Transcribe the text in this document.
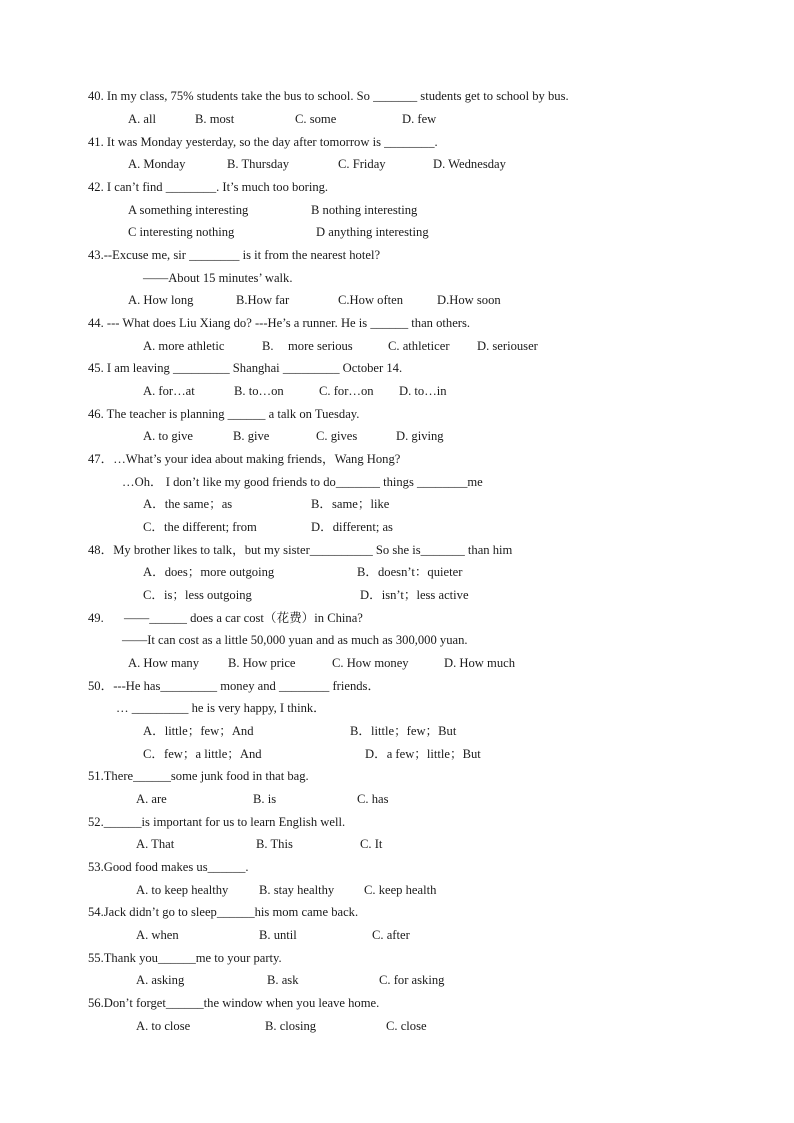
40. In my class, 75% students take the bus to school. So _______ students get to school by bus.
A. all	B. most	C. some	D. few
41. It was Monday yesterday, so the day after tomorrow is ________.
A. Monday	B. Thursday	C. Friday	D. Wednesday
42. I can’t find ________. It’s much too boring.
A something interesting	B nothing interesting
C interesting nothing	D anything interesting
43.--Excuse me, sir ________ is it from the nearest hotel?
——About 15 minutes’ walk.
A. How long	B.How far	C.How often	D.How soon
44. --- What does Liu Xiang do? ---He’s a runner. He is ______ than others.
A. more athletic	B. more serious	C. athleticer D. seriouser
45. I am leaving _________ Shanghai _________ October 14.
A. for…at	B. to…on	C. for…on D. to…in
46. The teacher is planning ______ a talk on Tuesday.
A. to give	B. give	C. gives	D. giving
47．…What’s your idea about making friends，Wang Hong?
…Oh． I don’t like my good friends to do_______ things ________me
A．the same；as	B．same；like
C．the different; from	D．different; as
48．My brother likes to talk，but my sister__________ So she is_______ than him
A．does；more outgoing	B．doesn’t：quieter
C．is；less outgoing	D．isn’t；less active
49. ——______ does a car cost（花费）in China?
——It can cost as a little 50,000 yuan and as much as 300,000 yuan.
A. How many B. How price	C. How money	D. How much
50．---He has_________ money and ________ friends．
… _________ he is very happy, I think．
A．little；few；And	B．little；few；But
C．few；a little；And	D．a few；little；But
51.There______some junk food in that bag.
A. are	B. is	C. has
52.______is important for us to learn English well.
A. That	B. This	C. It
53.Good food makes us______.
A. to keep healthy B. stay healthy C. keep health
54.Jack didn’t go to sleep______his mom came back.
A. when	B. until	C. after
55.Thank you______me to your party.
A. asking	B. ask	C. for asking
56.Don’t forget______the window when you leave home.
A. to close	B. closing	C. close
